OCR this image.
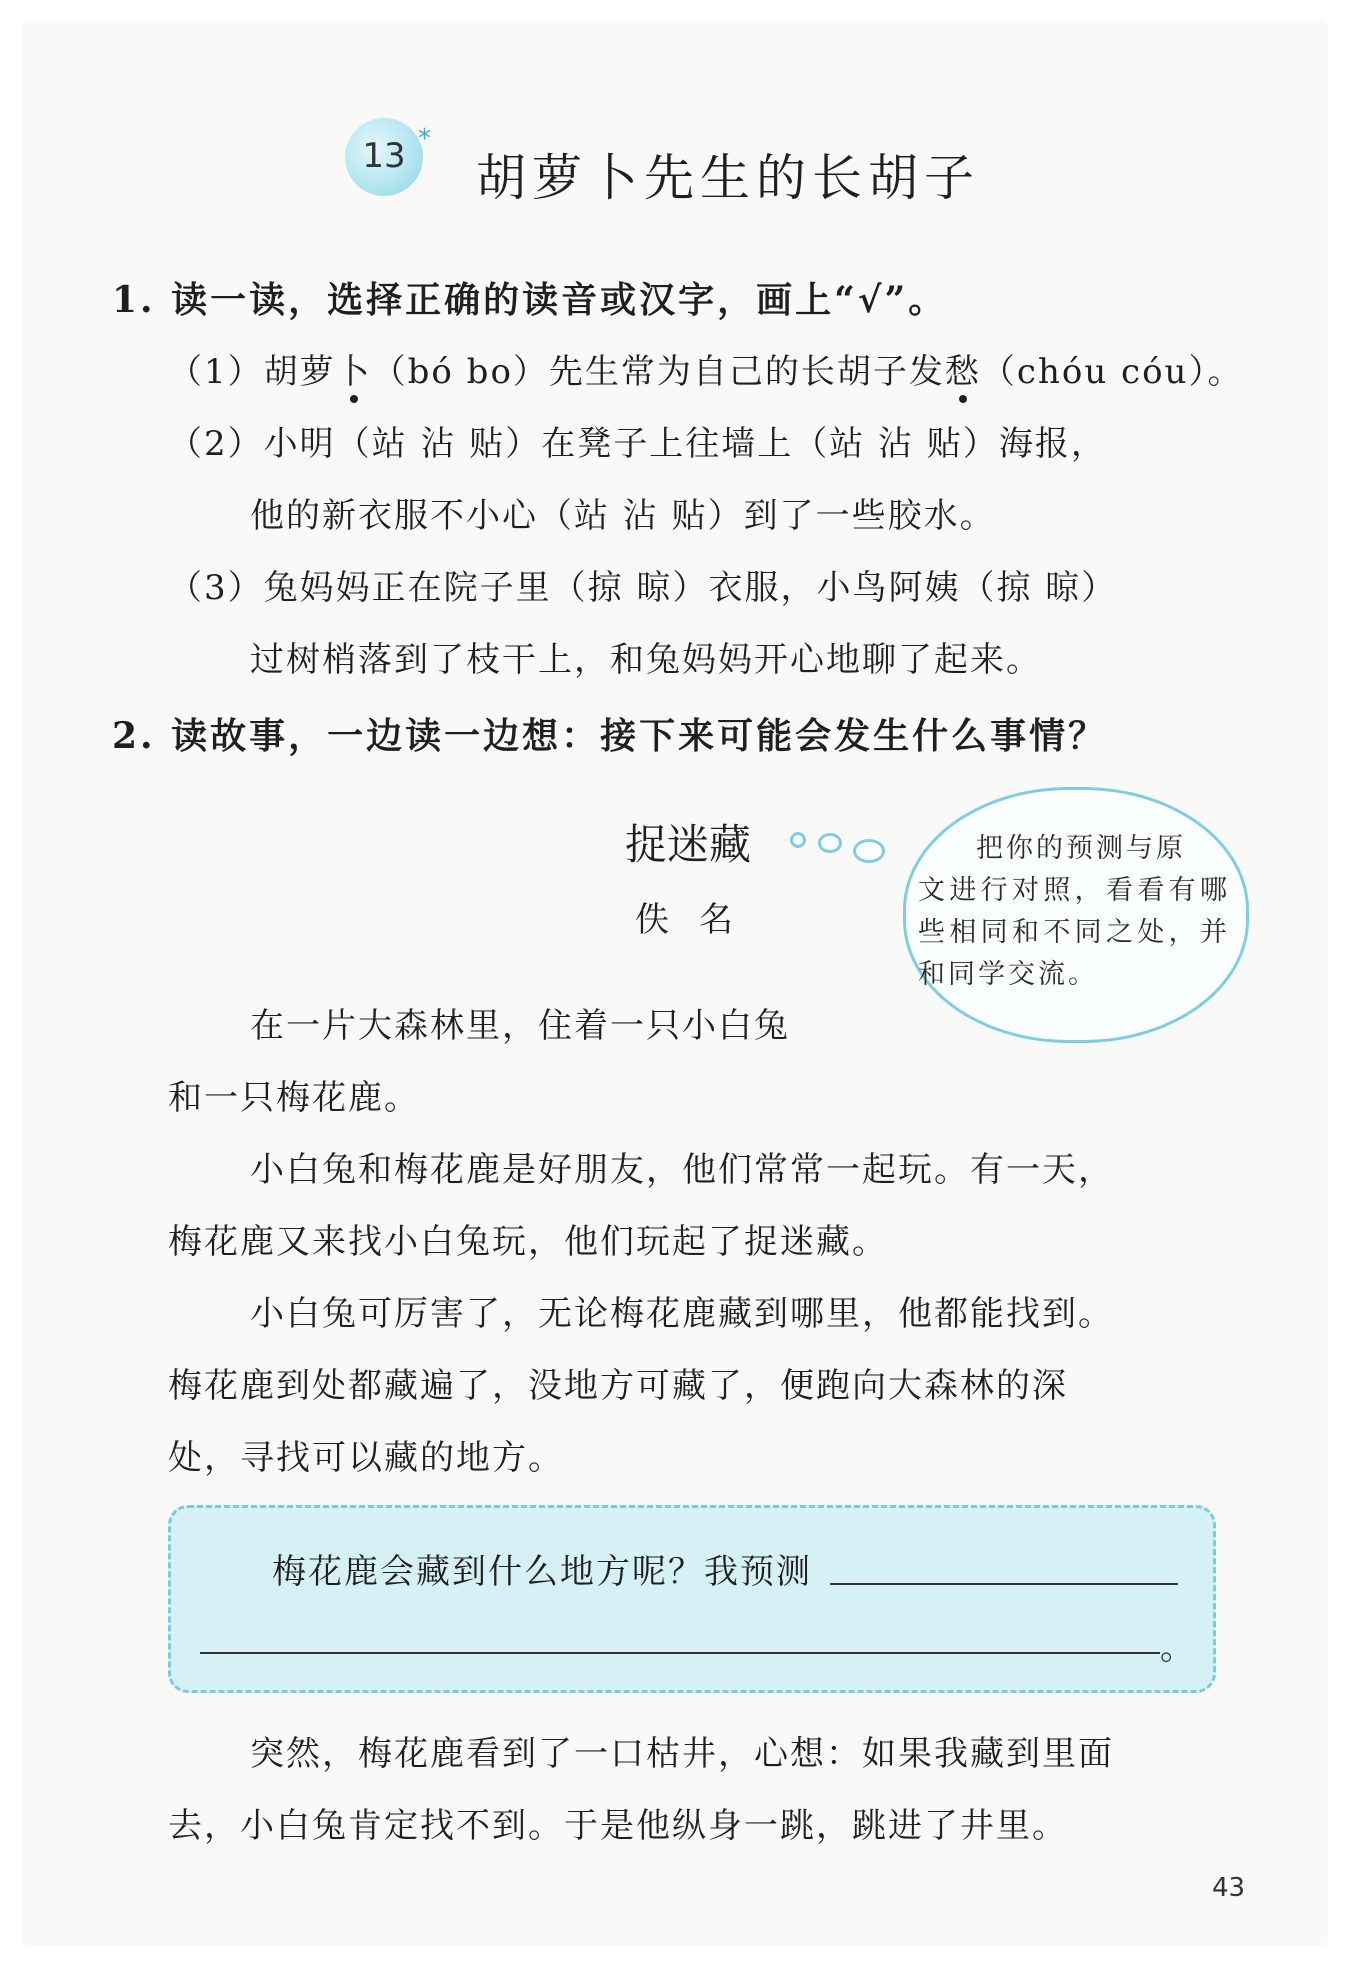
13 *
胡萝卜先生的长胡子
1. 读一读，选择正确的读音或汉字，画上“√”。
（1）胡萝卜（bó bo）先生常为自己的长胡子发愁（chóu cóu）。
（2）小明（站 沾 贴）在凳子上往墙上（站 沾 贴）海报，
他的新衣服不小心（站 沾 贴）到了一些胶水。
（3）兔妈妈正在院子里（掠 晾）衣服，小鸟阿姨（掠 晾）
过树梢落到了枝干上，和兔妈妈开心地聊了起来。
2. 读故事，一边读一边想：接下来可能会发生什么事情？
捉迷藏
佚名
把你的预测与原
文进行对照，看看有哪些相同和不同之处，并和同学交流。
在一片大森林里，住着一只小白兔
和一只梅花鹿。
小白兔和梅花鹿是好朋友，他们常常一起玩。有一天，
梅花鹿又来找小白兔玩，他们玩起了捉迷藏。
小白兔可厉害了，无论梅花鹿藏到哪里，他都能找到。
梅花鹿到处都藏遍了，没地方可藏了，便跑向大森林的深
处，寻找可以藏的地方。
梅花鹿会藏到什么地方呢？我预测
。
突然，梅花鹿看到了一口枯井，心想：如果我藏到里面
去，小白兔肯定找不到。于是他纵身一跳，跳进了井里。
43
